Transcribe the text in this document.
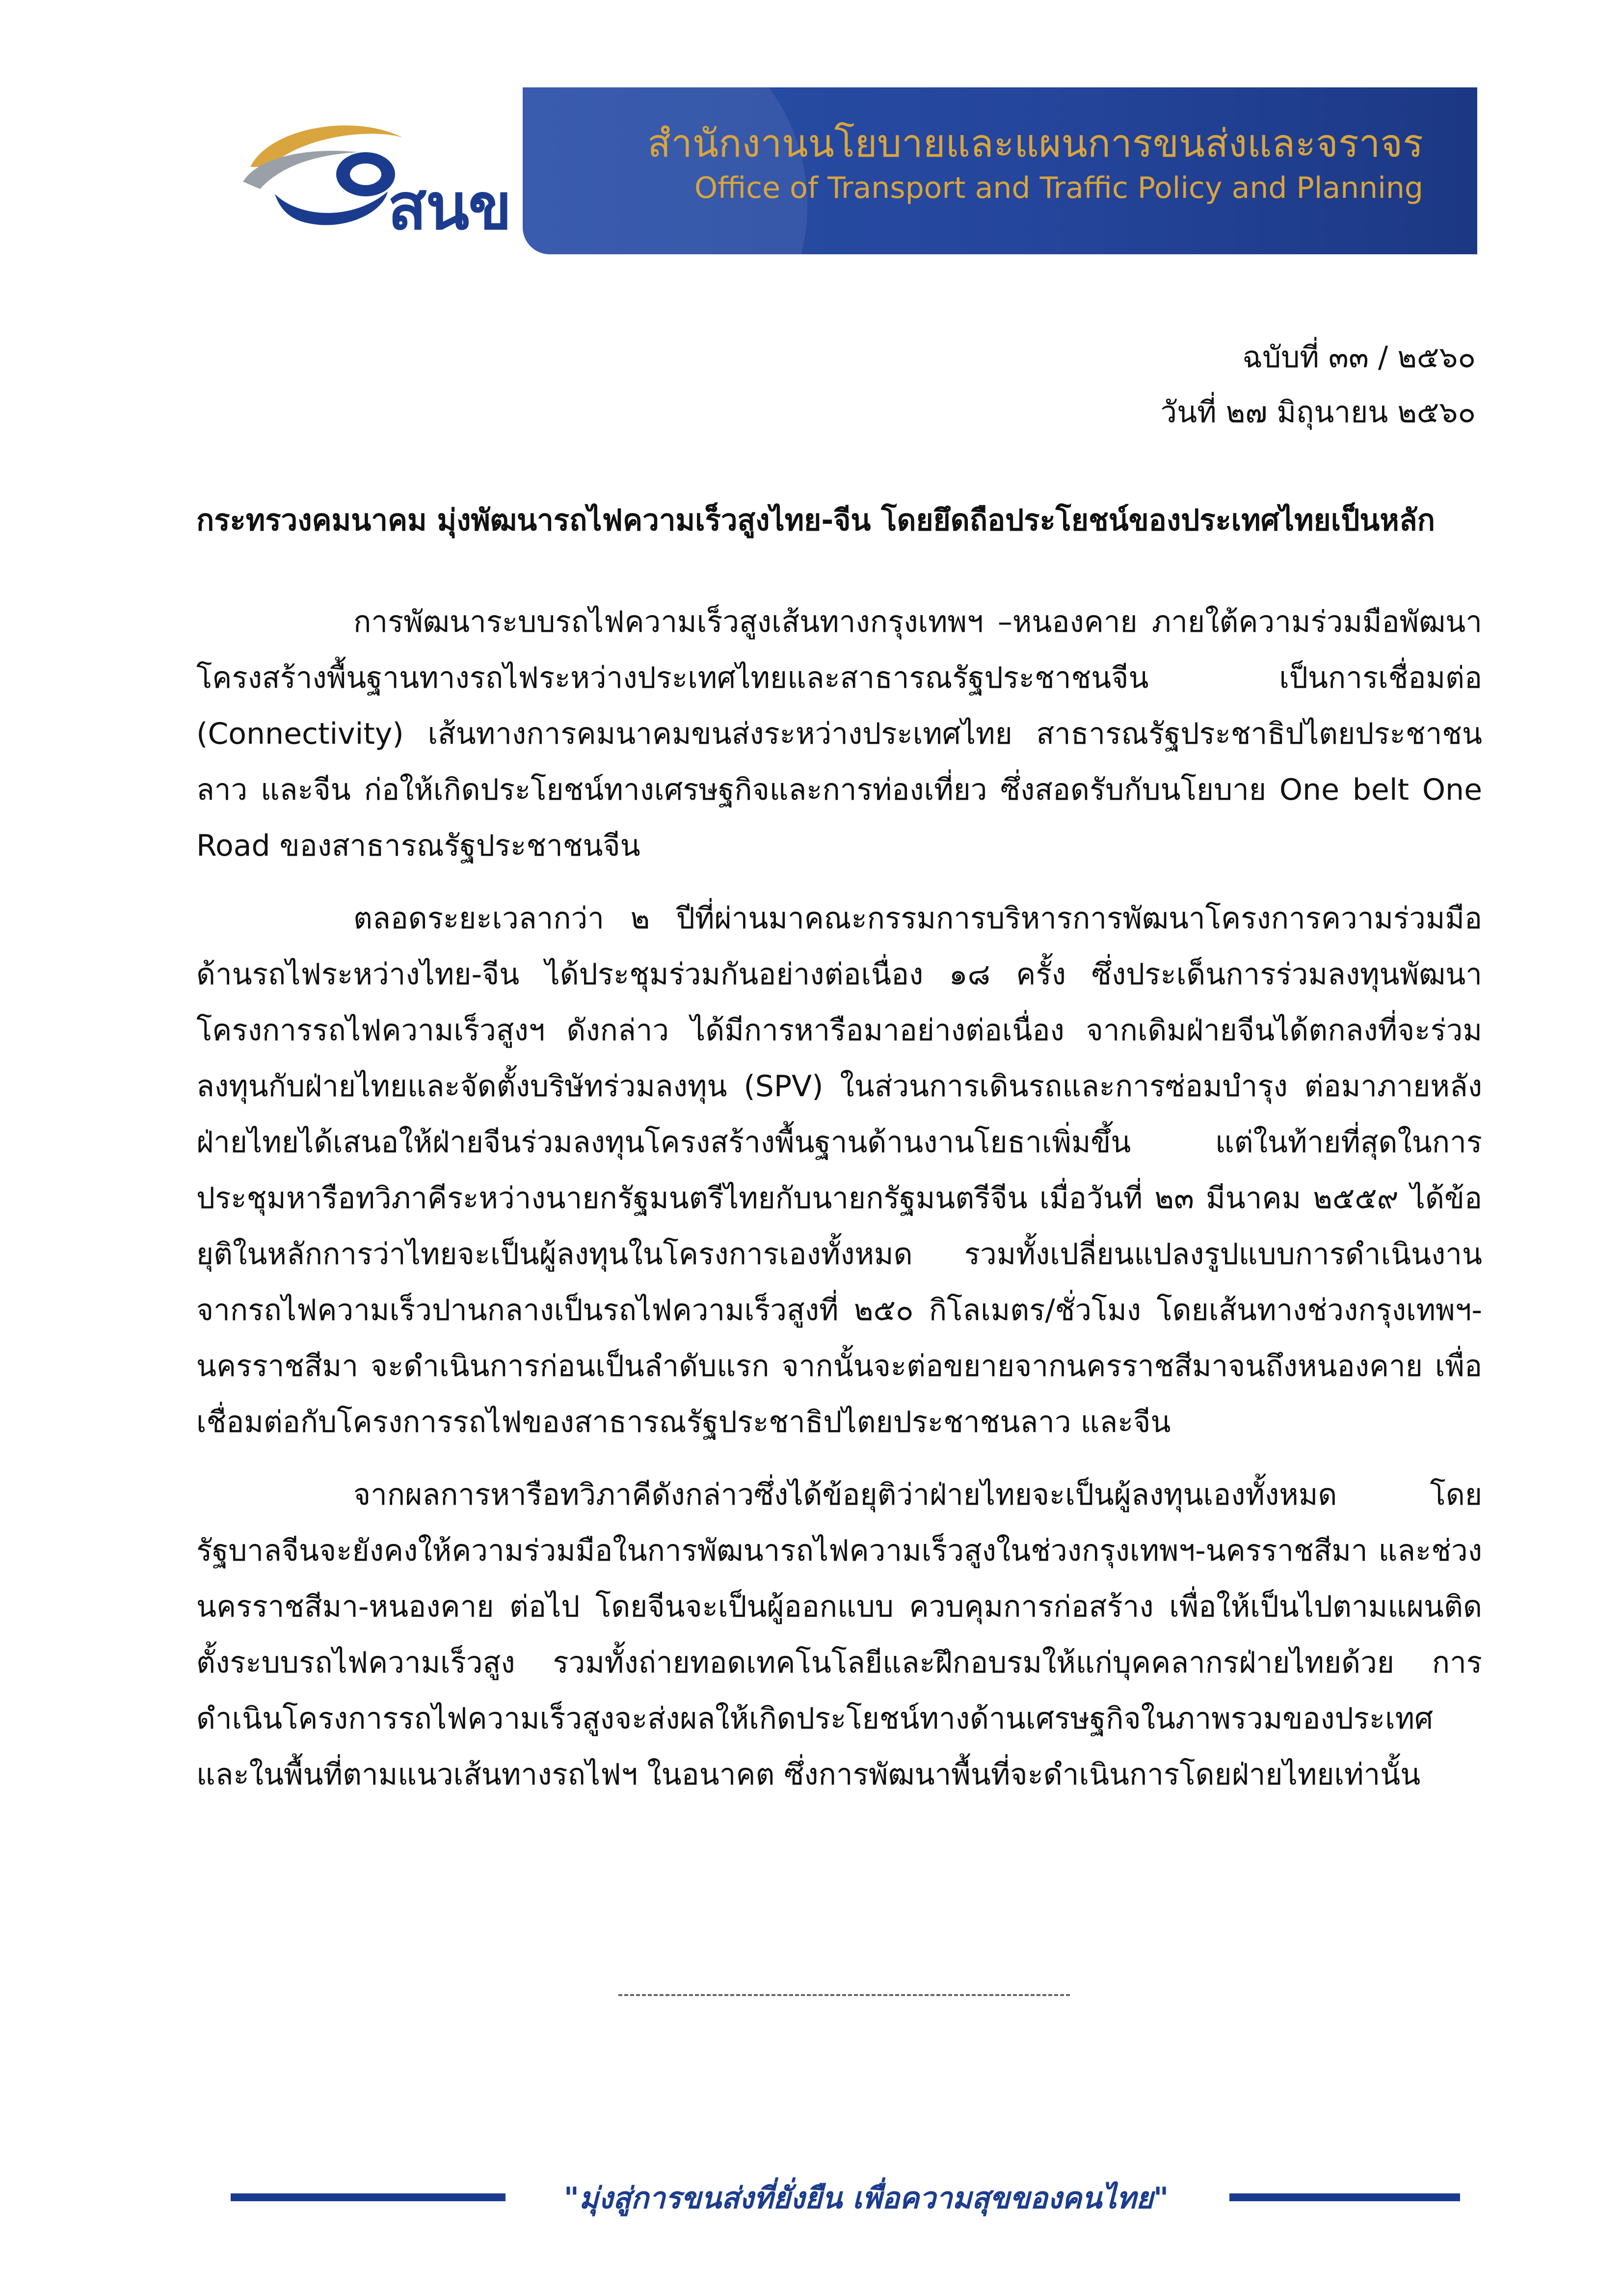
สนข
สำนักงานนโยบายและแผนการขนส่งและจราจร
Office of Transport and Traffic Policy and Planning
ฉบับที่ ๓๓ / ๒๕๖๐
วันที่ ๒๗ มิถุนายน ๒๕๖๐
กระทรวงคมนาคม มุ่งพัฒนารถไฟความเร็วสูงไทย-จีน โดยยึดถือประโยชน์ของประเทศไทยเป็นหลัก

การพัฒนาระบบรถไฟความเร็วสูงเส้นทางกรุงเทพฯ –หนองคาย ภายใต้ความร่วมมือพัฒนาโครงสร้างพื้นฐานทางรถไฟระหว่างประเทศไทยและสาธารณรัฐประชาชนจีน เป็นการเชื่อมต่อ (Connectivity) เส้นทางการคมนาคมขนส่งระหว่างประเทศไทย สาธารณรัฐประชาธิปไตยประชาชนลาว และจีน ก่อให้เกิดประโยชน์ทางเศรษฐกิจและการท่องเที่ยว ซึ่งสอดรับกับนโยบาย One belt One Road ของสาธารณรัฐประชาชนจีน

ตลอดระยะเวลากว่า ๒ ปีที่ผ่านมาคณะกรรมการบริหารการพัฒนาโครงการความร่วมมือด้านรถไฟระหว่างไทย-จีน ได้ประชุมร่วมกันอย่างต่อเนื่อง ๑๘ ครั้ง ซึ่งประเด็นการร่วมลงทุนพัฒนาโครงการรถไฟความเร็วสูงฯ ดังกล่าว ได้มีการหารือมาอย่างต่อเนื่อง จากเดิมฝ่ายจีนได้ตกลงที่จะร่วมลงทุนกับฝ่ายไทยและจัดตั้งบริษัทร่วมลงทุน (SPV) ในส่วนการเดินรถและการซ่อมบำรุง ต่อมาภายหลังฝ่ายไทยได้เสนอให้ฝ่ายจีนร่วมลงทุนโครงสร้างพื้นฐานด้านงานโยธาเพิ่มขึ้น แต่ในท้ายที่สุดในการประชุมหารือทวิภาคีระหว่างนายกรัฐมนตรีไทยกับนายกรัฐมนตรีจีน เมื่อวันที่ ๒๓ มีนาคม ๒๕๕๙ ได้ข้อยุติในหลักการว่าไทยจะเป็นผู้ลงทุนในโครงการเองทั้งหมด รวมทั้งเปลี่ยนแปลงรูปแบบการดำเนินงานจากรถไฟความเร็วปานกลางเป็นรถไฟความเร็วสูงที่ ๒๕๐ กิโลเมตร/ชั่วโมง โดยเส้นทางช่วงกรุงเทพฯ-นครราชสีมา จะดำเนินการก่อนเป็นลำดับแรก จากนั้นจะต่อขยายจากนครราชสีมาจนถึงหนองคาย เพื่อเชื่อมต่อกับโครงการรถไฟของสาธารณรัฐประชาธิปไตยประชาชนลาว และจีน

จากผลการหารือทวิภาคีดังกล่าวซึ่งได้ข้อยุติว่าฝ่ายไทยจะเป็นผู้ลงทุนเองทั้งหมด โดยรัฐบาลจีนจะยังคงให้ความร่วมมือในการพัฒนารถไฟความเร็วสูงในช่วงกรุงเทพฯ-นครราชสีมา และช่วงนครราชสีมา-หนองคาย ต่อไป โดยจีนจะเป็นผู้ออกแบบ ควบคุมการก่อสร้าง เพื่อให้เป็นไปตามแผนติดตั้งระบบรถไฟความเร็วสูง รวมทั้งถ่ายทอดเทคโนโลยีและฝึกอบรมให้แก่บุคคลากรฝ่ายไทยด้วย การดำเนินโครงการรถไฟความเร็วสูงจะส่งผลให้เกิดประโยชน์ทางด้านเศรษฐกิจในภาพรวมของประเทศ และในพื้นที่ตามแนวเส้นทางรถไฟฯ ในอนาคต ซึ่งการพัฒนาพื้นที่จะดำเนินการโดยฝ่ายไทยเท่านั้น

"มุ่งสู่การขนส่งที่ยั่งยืน เพื่อความสุขของคนไทย"
